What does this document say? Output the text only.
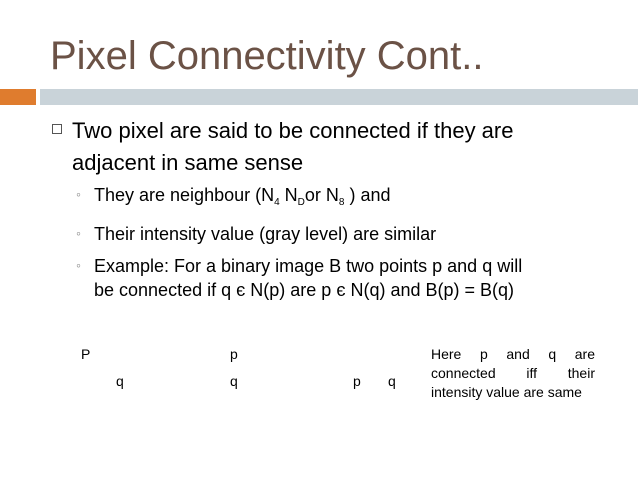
Pixel Connectivity Cont..
Two pixel are said to be connected if they are
adjacent in same sense
◦ They are neighbour ($N_4$ $N_Dor$ $N_8$ ) and
◦ Their intensity value (gray level) are similar
◦ Example: For a binary image B two points p and q will
be connected if q є N(p) are p є N(q) and B(p) = B(q)
P
q
p
q	p q
Here p and q are connected iff their intensity value are same
